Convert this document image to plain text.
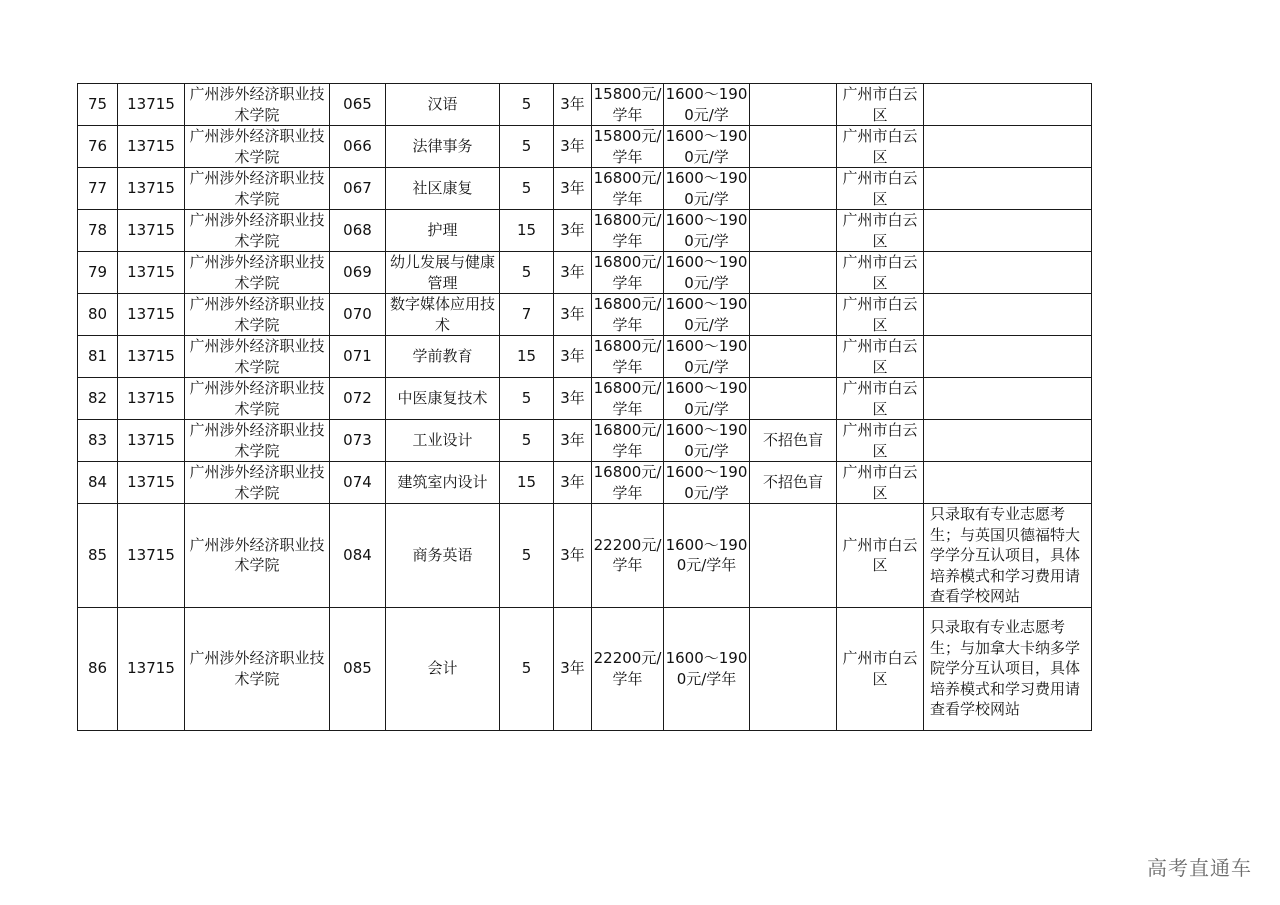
75	13715	广州涉外经济职业技术学院	065	汉语	5	3年	15800元/学年	1600～1900元/学		广州市白云区	
76	13715	广州涉外经济职业技术学院	066	法律事务	5	3年	15800元/学年	1600～1900元/学		广州市白云区	
77	13715	广州涉外经济职业技术学院	067	社区康复	5	3年	16800元/学年	1600～1900元/学		广州市白云区	
78	13715	广州涉外经济职业技术学院	068	护理	15	3年	16800元/学年	1600～1900元/学		广州市白云区	
79	13715	广州涉外经济职业技术学院	069	幼儿发展与健康管理	5	3年	16800元/学年	1600～1900元/学		广州市白云区	
80	13715	广州涉外经济职业技术学院	070	数字媒体应用技术	7	3年	16800元/学年	1600～1900元/学		广州市白云区	
81	13715	广州涉外经济职业技术学院	071	学前教育	15	3年	16800元/学年	1600～1900元/学		广州市白云区	
82	13715	广州涉外经济职业技术学院	072	中医康复技术	5	3年	16800元/学年	1600～1900元/学		广州市白云区	
83	13715	广州涉外经济职业技术学院	073	工业设计	5	3年	16800元/学年	1600～1900元/学	不招色盲	广州市白云区	
84	13715	广州涉外经济职业技术学院	074	建筑室内设计	15	3年	16800元/学年	1600～1900元/学	不招色盲	广州市白云区	
85	13715	广州涉外经济职业技术学院	084	商务英语	5	3年	22200元/学年	1600～1900元/学年		广州市白云区	只录取有专业志愿考生；与英国贝德福特大学学分互认项目，具体培养模式和学习费用请查看学校网站
86	13715	广州涉外经济职业技术学院	085	会计	5	3年	22200元/学年	1600～1900元/学年		广州市白云区	只录取有专业志愿考生；与加拿大卡纳多学院学分互认项目，具体培养模式和学习费用请查看学校网站
高考直通车
